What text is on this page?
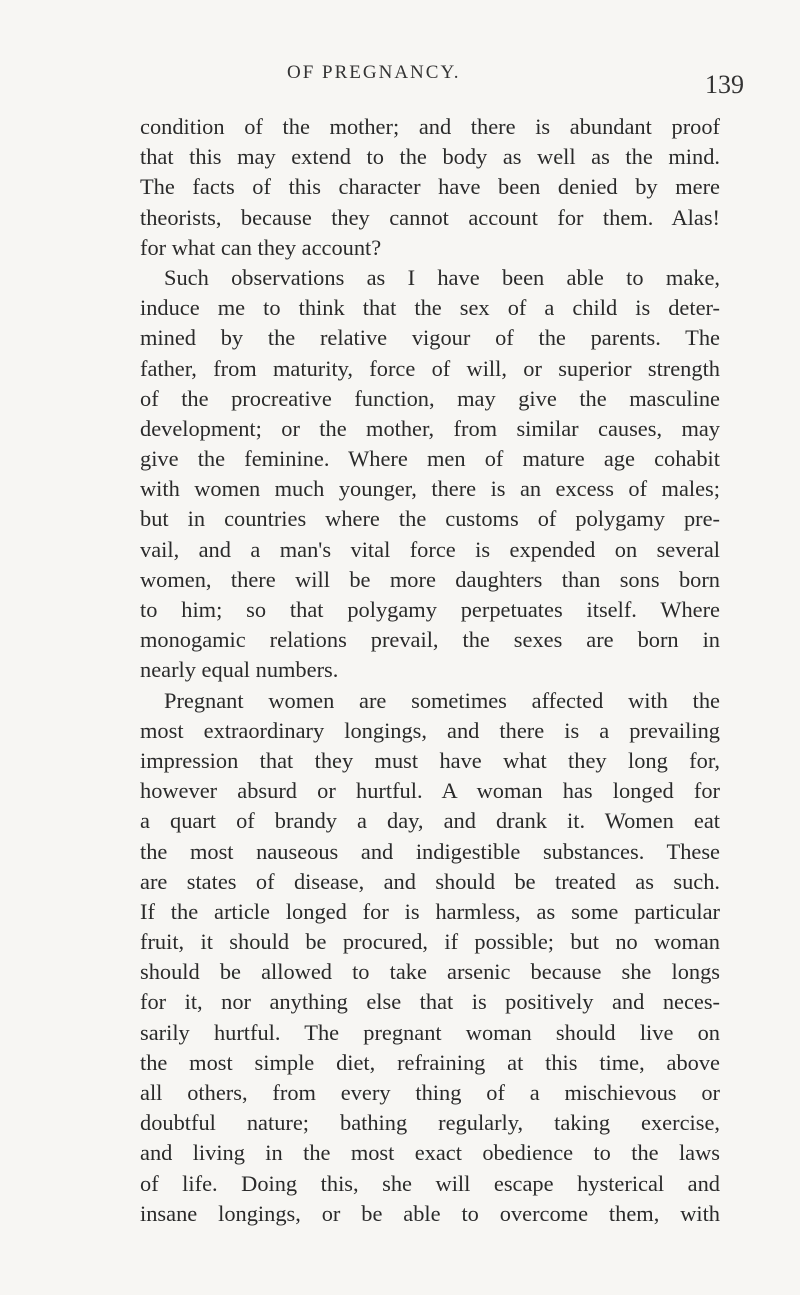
OF PREGNANCY.	139
condition of the mother; and there is abundant proof
that this may extend to the body as well as the mind.
The facts of this character have been denied by mere
theorists, because they cannot account for them. Alas!
for what can they account?
Such observations as I have been able to make,
induce me to think that the sex of a child is deter-
mined by the relative vigour of the parents. The
father, from maturity, force of will, or superior strength
of the procreative function, may give the masculine
development; or the mother, from similar causes, may
give the feminine. Where men of mature age cohabit
with women much younger, there is an excess of males;
but in countries where the customs of polygamy pre-
vail, and a man's vital force is expended on several
women, there will be more daughters than sons born
to him; so that polygamy perpetuates itself. Where
monogamic relations prevail, the sexes are born in
nearly equal numbers.
Pregnant women are sometimes affected with the
most extraordinary longings, and there is a prevailing
impression that they must have what they long for,
however absurd or hurtful. A woman has longed for
a quart of brandy a day, and drank it. Women eat
the most nauseous and indigestible substances. These
are states of disease, and should be treated as such.
If the article longed for is harmless, as some particular
fruit, it should be procured, if possible; but no woman
should be allowed to take arsenic because she longs
for it, nor anything else that is positively and neces-
sarily hurtful. The pregnant woman should live on
the most simple diet, refraining at this time, above
all others, from every thing of a mischievous or
doubtful nature; bathing regularly, taking exercise,
and living in the most exact obedience to the laws
of life. Doing this, she will escape hysterical and
insane longings, or be able to overcome them, with
